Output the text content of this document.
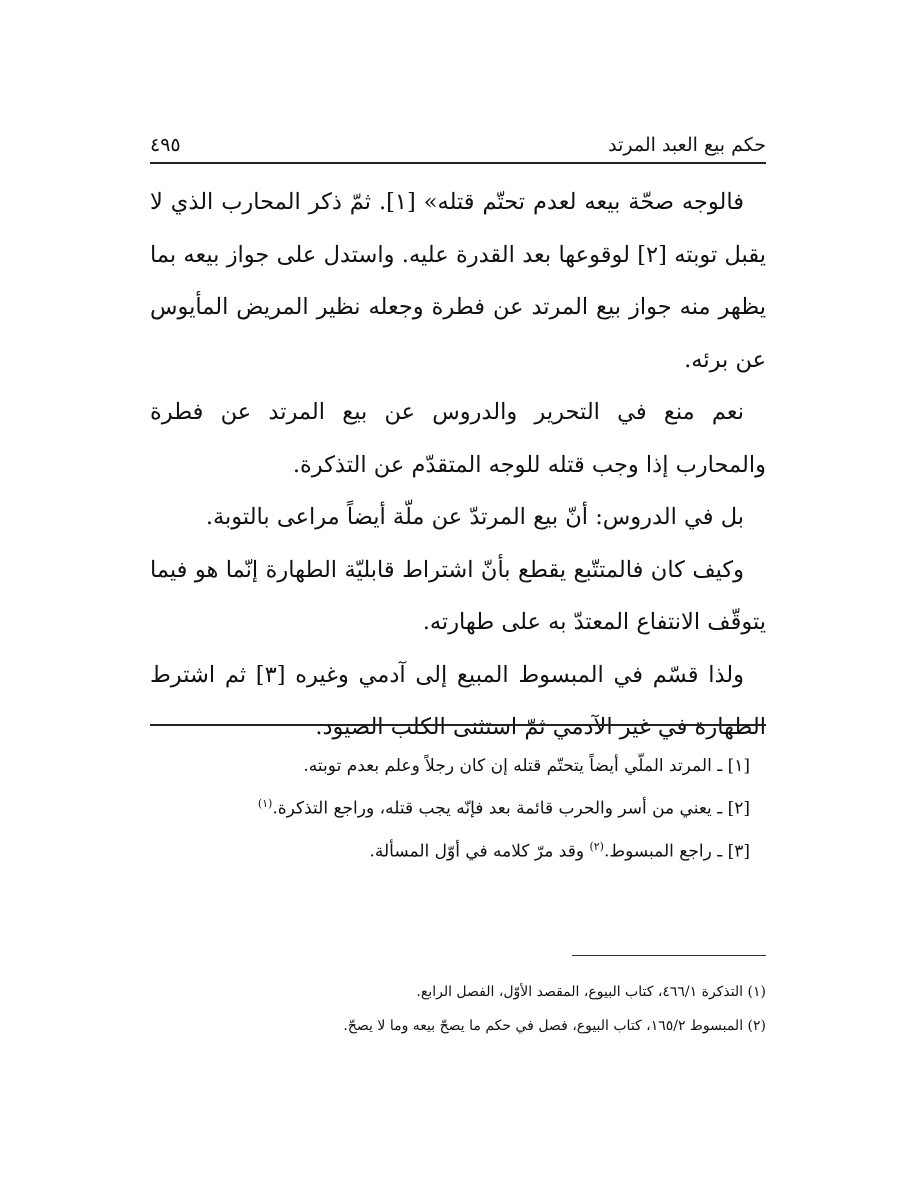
حكم بيع العبد المرتد
٤٩٥

فالوجه صحّة بيعه لعدم تحتّم قتله» [١]. ثمّ ذكر المحارب الذي لا يقبل توبته [٢] لوقوعها بعد القدرة عليه. واستدل على جواز بيعه بما يظهر منه جواز بيع المرتد عن فطرة وجعله نظير المريض المأيوس عن برئه.

نعم منع في التحرير والدروس عن بيع المرتد عن فطرة والمحارب إذا وجب قتله للوجه المتقدّم عن التذكرة.

بل في الدروس: أنّ بيع المرتدّ عن ملّة أيضاً مراعى بالتوبة.

وكيف كان فالمتتّبع يقطع بأنّ اشتراط قابليّة الطهارة إنّما هو فيما يتوقّف الانتفاع المعتدّ به على طهارته.

ولذا قسّم في المبسوط المبيع إلى آدمي وغيره [٣] ثم اشترط الطهارة في غير الآدمي ثمّ استثنى الكلب الصيود.

[١] ـ المرتد الملّي أيضاً يتحتّم قتله إن كان رجلاً وعلم بعدم توبته.

[٢] ـ يعني من أسر والحرب قائمة بعد فإنّه يجب قتله، وراجع التذكرة.$^{(١)}$

[٣] ـ راجع المبسوط.$^{(٢)}$ وقد مرّ كلامه في أوّل المسألة.

(١) التذكرة ٤٦٦/١، كتاب البيوع، المقصد الأوّل، الفصل الرابع.

(٢) المبسوط ١٦٥/٢، كتاب البيوع، فصل في حكم ما يصحّ بيعه وما لا يصحّ.
